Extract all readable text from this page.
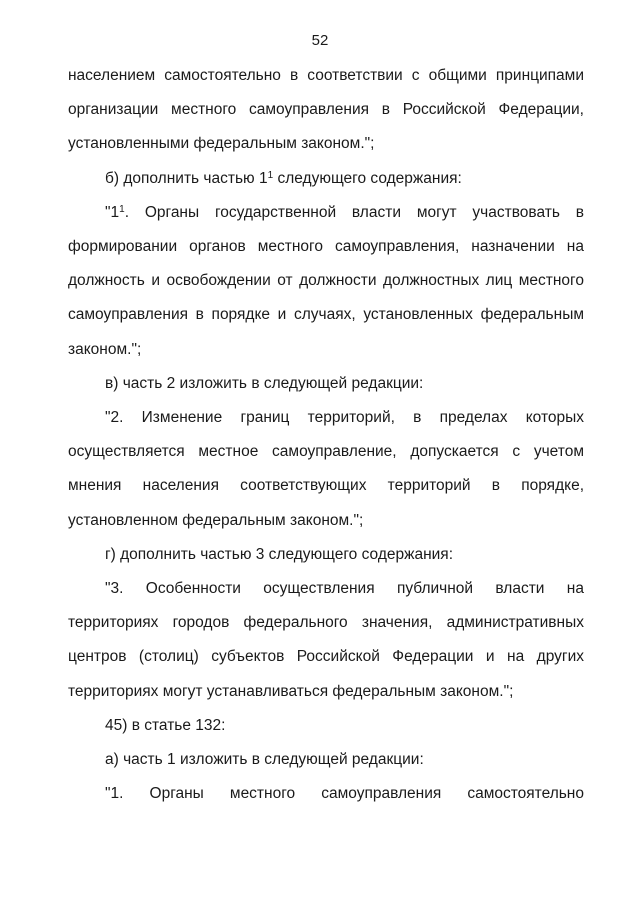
52

населением самостоятельно в соответствии с общими принципами организации местного самоуправления в Российской Федерации, установленными федеральным законом.";

б) дополнить частью $1^1$ следующего содержания:

"$1^1$. Органы государственной власти могут участвовать в формировании органов местного самоуправления, назначении на должность и освобождении от должности должностных лиц местного самоуправления в порядке и случаях, установленных федеральным законом.";

в) часть 2 изложить в следующей редакции:

"2. Изменение границ территорий, в пределах которых осуществляется местное самоуправление, допускается с учетом мнения населения соответствующих территорий в порядке, установленном федеральным законом.";

г) дополнить частью 3 следующего содержания:

"3. Особенности осуществления публичной власти на территориях городов федерального значения, административных центров (столиц) субъектов Российской Федерации и на других территориях могут устанавливаться федеральным законом.";

45) в статье 132:

а) часть 1 изложить в следующей редакции:

"1. Органы местного самоуправления самостоятельно
